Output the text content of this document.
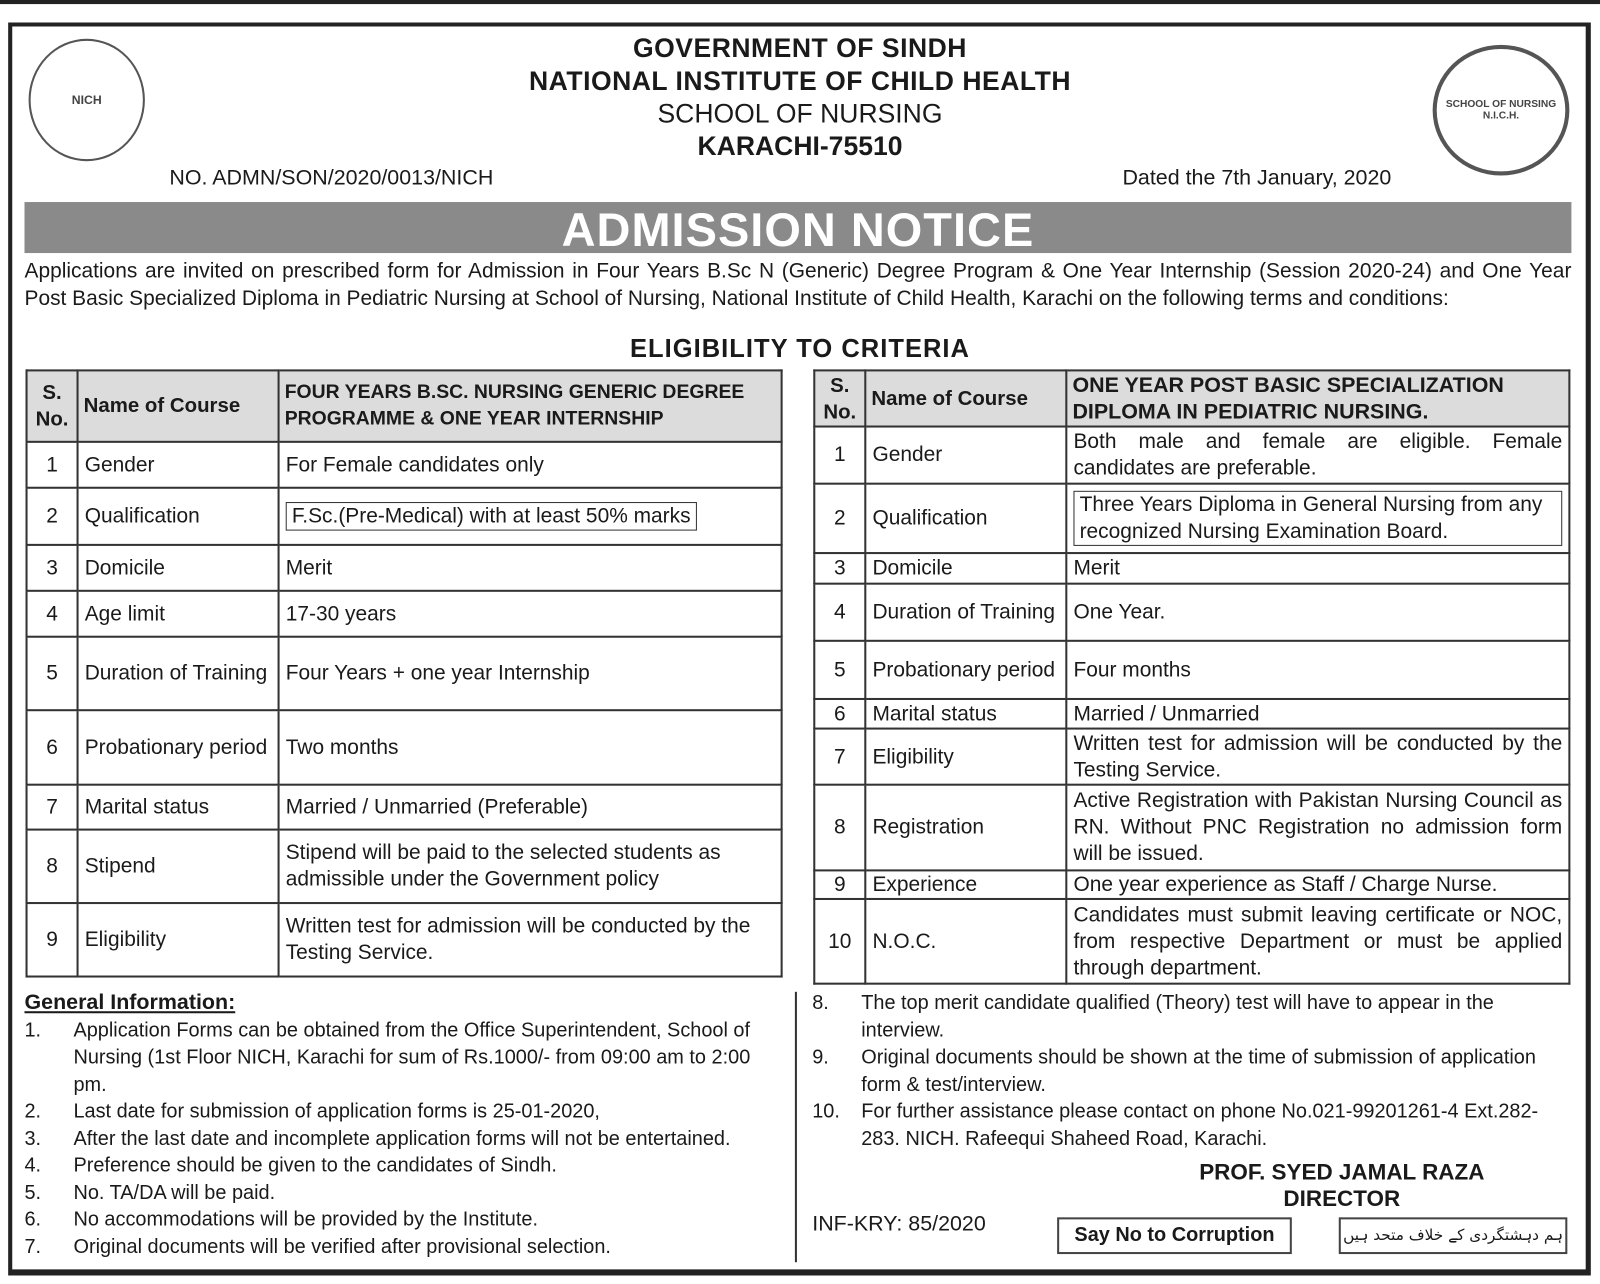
NICH	SCHOOL OF NURSING N.I.C.H.
GOVERNMENT OF SINDH
NATIONAL INSTITUTE OF CHILD HEALTH
SCHOOL OF NURSING
KARACHI-75510
NO. ADMN/SON/2020/0013/NICH	Dated the 7th January, 2020
ADMISSION NOTICE
Applications are invited on prescribed form for Admission in Four Years B.Sc N (Generic) Degree Program & One Year Internship (Session 2020-24) and One Year Post Basic Specialized Diploma in Pediatric Nursing at School of Nursing, National Institute of Child Health, Karachi on the following terms and conditions:
ELIGIBILITY TO CRITERIA
S. No.	Name of Course	FOUR YEARS B.SC. NURSING GENERIC DEGREE PROGRAMME & ONE YEAR INTERNSHIP
1	Gender	For Female candidates only
2	Qualification	F.Sc.(Pre-Medical) with at least 50% marks
3	Domicile	Merit
4	Age limit	17-30 years
5	Duration of Training	Four Years + one year Internship
6	Probationary period	Two months
7	Marital status	Married / Unmarried (Preferable)
8	Stipend	Stipend will be paid to the selected students as admissible under the Government policy
9	Eligibility	Written test for admission will be conducted by the Testing Service.
S. No.	Name of Course	ONE YEAR POST BASIC SPECIALIZATION DIPLOMA IN PEDIATRIC NURSING.
1	Gender	Both male and female are eligible. Female candidates are preferable.
2	Qualification	Three Years Diploma in General Nursing from any recognized Nursing Examination Board.
3	Domicile	Merit
4	Duration of Training	One Year.
5	Probationary period	Four months
6	Marital status	Married / Unmarried
7	Eligibility	Written test for admission will be conducted by the Testing Service.
8	Registration	Active Registration with Pakistan Nursing Council as RN. Without PNC Registration no admission form will be issued.
9	Experience	One year experience as Staff / Charge Nurse.
10	N.O.C.	Candidates must submit leaving certificate or NOC, from respective Department or must be applied through department.
General Information:
1.	Application Forms can be obtained from the Office Superintendent, School of Nursing (1st Floor NICH, Karachi for sum of Rs.1000/- from 09:00 am to 2:00 pm.
2.	Last date for submission of application forms is 25-01-2020,
3.	After the last date and incomplete application forms will not be entertained.
4.	Preference should be given to the candidates of Sindh.
5.	No. TA/DA will be paid.
6.	No accommodations will be provided by the Institute.
7.	Original documents will be verified after provisional selection.
8.	The top merit candidate qualified (Theory) test will have to appear in the interview.
9.	Original documents should be shown at the time of submission of application form & test/interview.
10.	For further assistance please contact on phone No.021-99201261-4 Ext.282-283. NICH. Rafeequi Shaheed Road, Karachi.
PROF. SYED JAMAL RAZA
DIRECTOR
INF-KRY: 85/2020	Say No to Corruption	ہم دہشتگردی کے خلاف متحد ہیں
